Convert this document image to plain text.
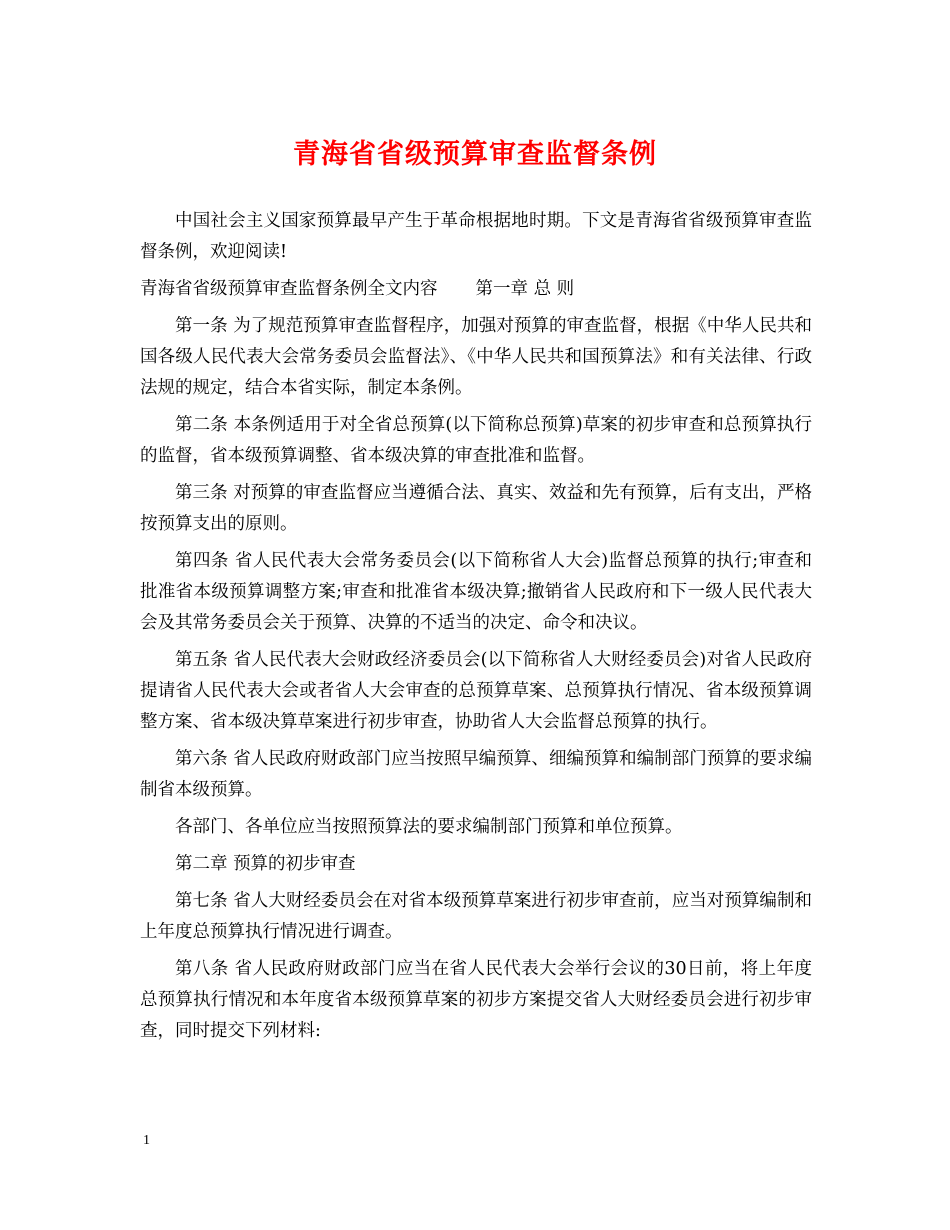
青海省省级预算审查监督条例

中国社会主义国家预算最早产生于革命根据地时期。下文是青海省省级预算审查监督条例，欢迎阅读!

青海省省级预算审查监督条例全文内容 第一章 总 则

第一条 为了规范预算审查监督程序，加强对预算的审查监督，根据《中华人民共和国各级人民代表大会常务委员会监督法》、《中华人民共和国预算法》和有关法律、行政法规的规定，结合本省实际，制定本条例。

第二条 本条例适用于对全省总预算(以下简称总预算)草案的初步审查和总预算执行的监督，省本级预算调整、省本级决算的审查批准和监督。

第三条 对预算的审查监督应当遵循合法、真实、效益和先有预算，后有支出，严格按预算支出的原则。

第四条 省人民代表大会常务委员会(以下简称省人大会)监督总预算的执行;审查和批准省本级预算调整方案;审查和批准省本级决算;撤销省人民政府和下一级人民代表大会及其常务委员会关于预算、决算的不适当的决定、命令和决议。

第五条 省人民代表大会财政经济委员会(以下简称省人大财经委员会)对省人民政府提请省人民代表大会或者省人大会审查的总预算草案、总预算执行情况、省本级预算调整方案、省本级决算草案进行初步审查，协助省人大会监督总预算的执行。

第六条 省人民政府财政部门应当按照早编预算、细编预算和编制部门预算的要求编制省本级预算。

各部门、各单位应当按照预算法的要求编制部门预算和单位预算。

第二章 预算的初步审查

第七条 省人大财经委员会在对省本级预算草案进行初步审查前，应当对预算编制和上年度总预算执行情况进行调查。

第八条 省人民政府财政部门应当在省人民代表大会举行会议的30日前，将上年度总预算执行情况和本年度省本级预算草案的初步方案提交省人大财经委员会进行初步审查，同时提交下列材料:

1
